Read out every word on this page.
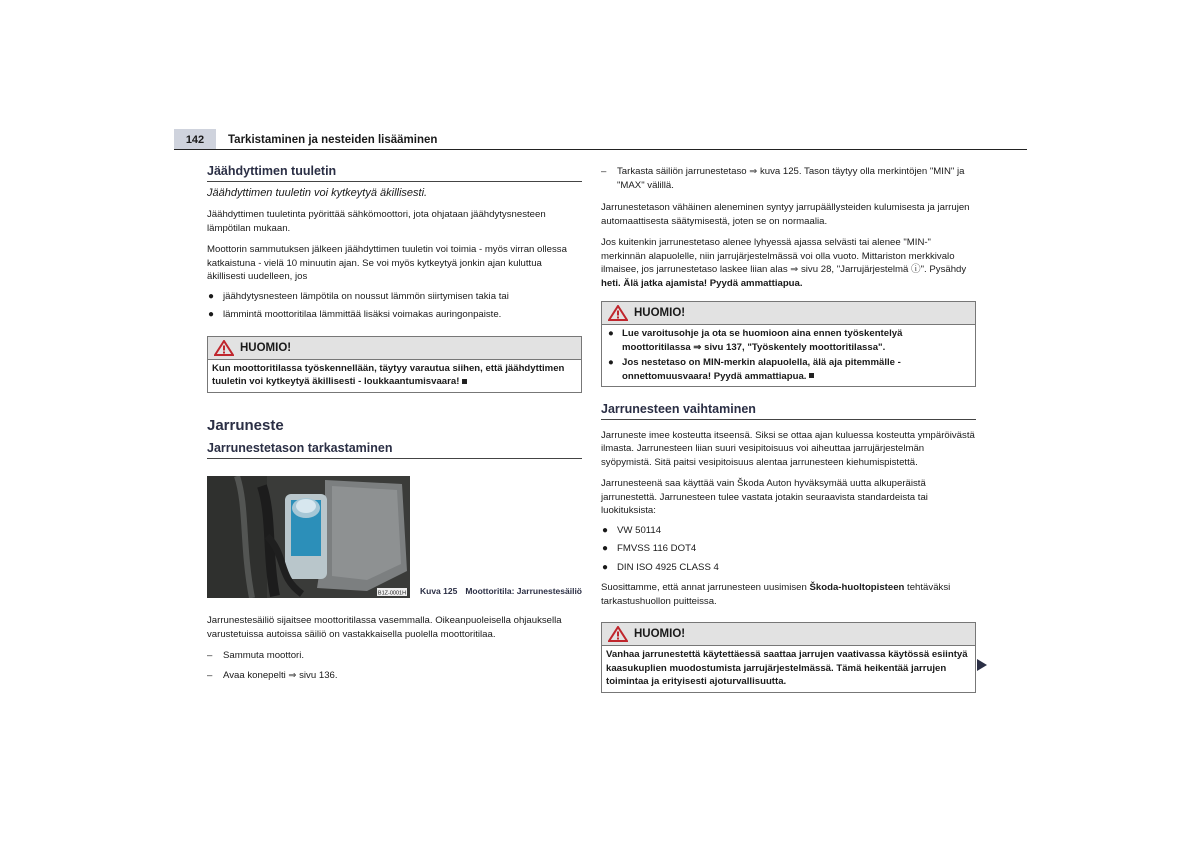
142	Tarkistaminen ja nesteiden lisääminen
Jäähdyttimen tuuletin
Jäähdyttimen tuuletin voi kytkeytyä äkillisesti.

Jäähdyttimen tuuletinta pyörittää sähkömoottori, jota ohjataan jäähdytysnesteen lämpötilan mukaan.

Moottorin sammutuksen jälkeen jäähdyttimen tuuletin voi toimia - myös virran ollessa katkaistuna - vielä 10 minuutin ajan. Se voi myös kytkeytyä jonkin ajan kuluttua äkillisesti uudelleen, jos

● jäähdytysnesteen lämpötila on noussut lämmön siirtymisen takia tai
● lämmintä moottoritilaa lämmittää lisäksi voimakas auringonpaiste.
HUOMIO!
Kun moottoritilassa työskennellään, täytyy varautua siihen, että jäähdyttimen tuuletin voi kytkeytyä äkillisesti - loukkaantumisvaara!
Jarruneste
Jarrunestetason tarkastaminen
B1Z-0001H Kuva 125 Moottoritila: Jarrunestesäiliö

Jarrunestesäiliö sijaitsee moottoritilassa vasemmalla. Oikeanpuoleisella ohjauksella varustetuissa autoissa säiliö on vastakkaisella puolella moottoritilaa.

– Sammuta moottori.
– Avaa konepelti ⇒ sivu 136.
– Tarkasta säiliön jarrunestetaso ⇒ kuva 125. Tason täytyy olla merkintöjen "MIN" ja "MAX" välillä.

Jarrunestetason vähäinen aleneminen syntyy jarrupäällysteiden kulumisesta ja jarrujen automaattisesta säätymisestä, joten se on normaalia.

Jos kuitenkin jarrunestetaso alenee lyhyessä ajassa selvästi tai alenee "MIN-" merkinnän alapuolelle, niin jarrujärjestelmässä voi olla vuoto. Mittariston merkkivalo ilmaisee, jos jarrunestetaso laskee liian alas ⇒ sivu 28, "Jarrujärjestelmä ⓘ". Pysähdy heti. Älä jatka ajamista! Pyydä ammattiapua.

HUOMIO!
● Lue varoitusohje ja ota se huomioon aina ennen työskentelyä moottoritilassa ⇒ sivu 137, "Työskentely moottoritilassa".
● Jos nestetaso on MIN-merkin alapuolella, älä aja pitemmälle - onnettomuusvaara! Pyydä ammattiapua.
Jarrunesteen vaihtaminen

Jarruneste imee kosteutta itseensä. Siksi se ottaa ajan kuluessa kosteutta ympäröivästä ilmasta. Jarrunesteen liian suuri vesipitoisuus voi aiheuttaa jarrujärjestelmän syöpymistä. Sitä paitsi vesipitoisuus alentaa jarrunesteen kiehumispistettä.

Jarrunesteenä saa käyttää vain Škoda Auton hyväksymää uutta alkuperäistä jarrunestettä. Jarrunesteen tulee vastata jotakin seuraavista standardeista tai luokituksista:

● VW 50114
● FMVSS 116 DOT4
● DIN ISO 4925 CLASS 4

Suosittamme, että annat jarrunesteen uusimisen Škoda-huoltopisteen tehtäväksi tarkastushuollon puitteissa.

HUOMIO!
Vanhaa jarrunestettä käytettäessä saattaa jarrujen vaativassa käytössä esiintyä kaasukuplien muodostumista jarrujärjestelmässä. Tämä heikentää jarrujen toimintaa ja erityisesti ajoturvallisuutta.
